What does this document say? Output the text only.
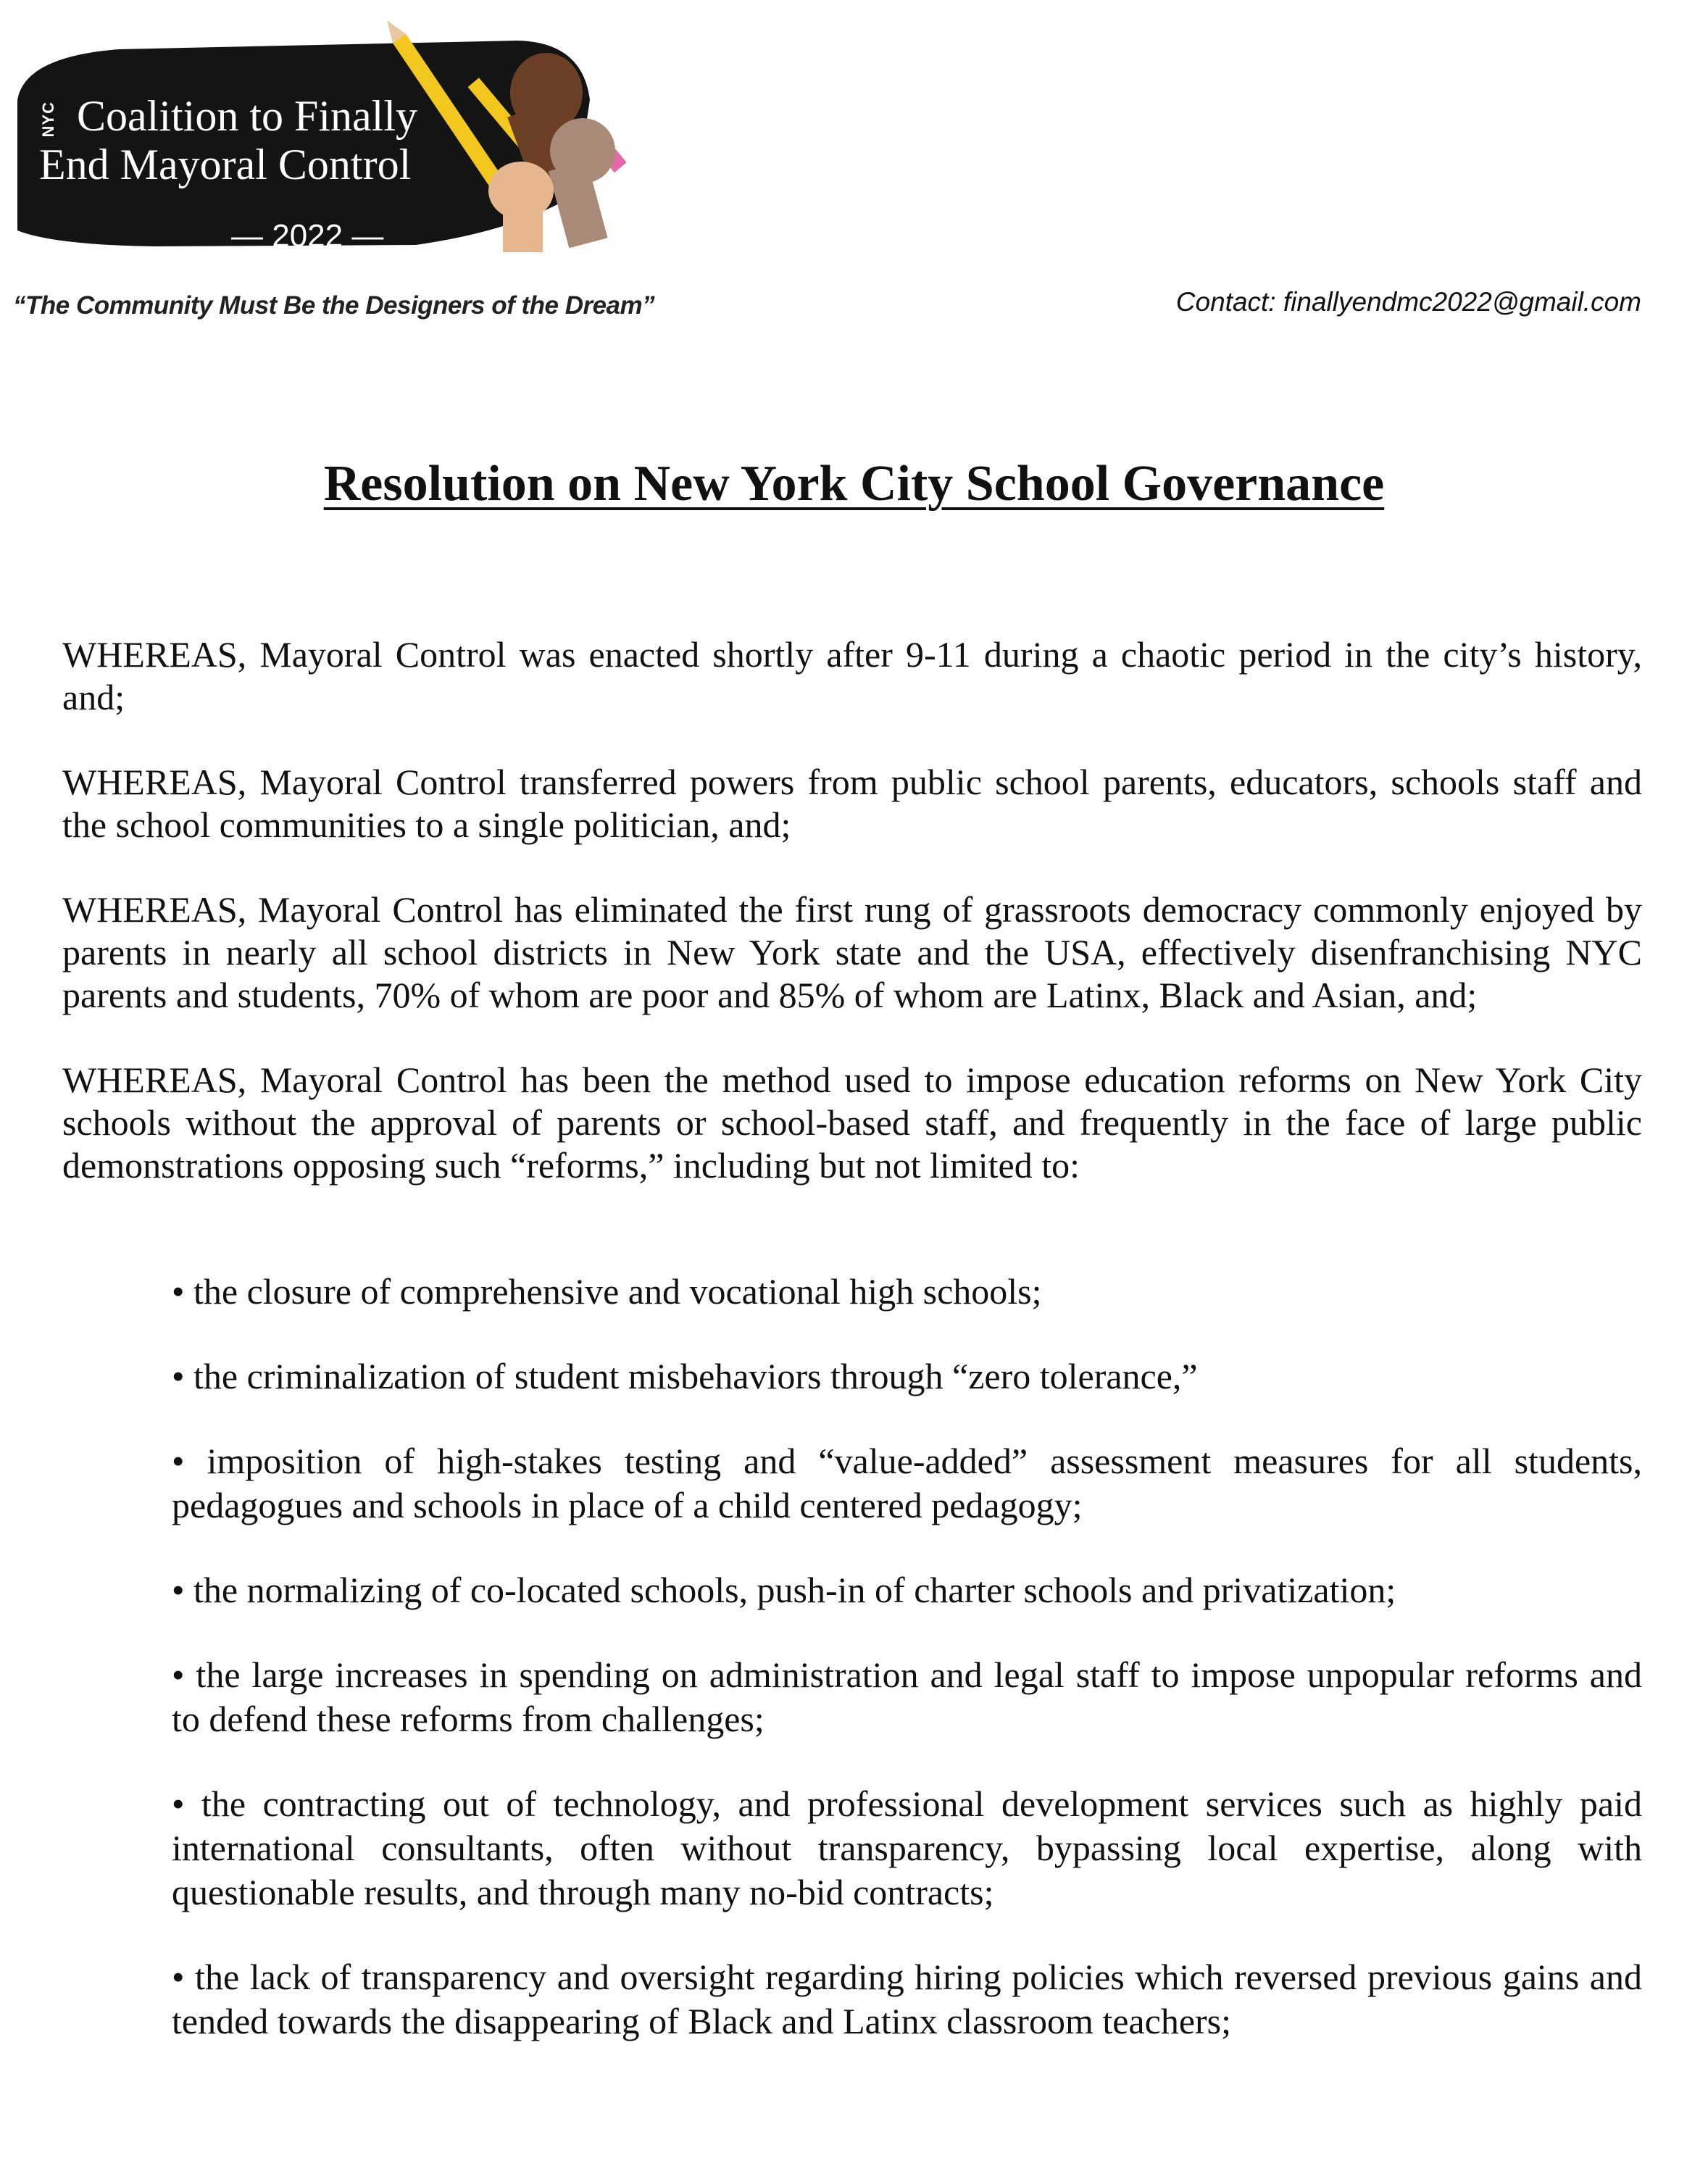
NYC Coalition to Finally
End Mayoral Control
— 2022 —
“The Community Must Be the Designers of the Dream”	Contact: finallyendmc2022@gmail.com
Resolution on New York City School Governance

WHEREAS, Mayoral Control was enacted shortly after 9-11 during a chaotic period in the city’s history, and;

WHEREAS, Mayoral Control transferred powers from public school parents, educators, schools staff and the school communities to a single politician, and;

WHEREAS, Mayoral Control has eliminated the first rung of grassroots democracy commonly enjoyed by parents in nearly all school districts in New York state and the USA, effectively disenfranchising NYC parents and students, 70% of whom are poor and 85% of whom are Latinx, Black and Asian, and;

WHEREAS, Mayoral Control has been the method used to impose education reforms on New York City schools without the approval of parents or school-based staff, and frequently in the face of large public demonstrations opposing such “reforms,” including but not limited to:

• the closure of comprehensive and vocational high schools;

• the criminalization of student misbehaviors through “zero tolerance,”

• imposition of high-stakes testing and “value-added” assessment measures for all students, pedagogues and schools in place of a child centered pedagogy;

• the normalizing of co-located schools, push-in of charter schools and privatization;

• the large increases in spending on administration and legal staff to impose unpopular reforms and to defend these reforms from challenges;

• the contracting out of technology, and professional development services such as highly paid international consultants, often without transparency, bypassing local expertise, along with questionable results, and through many no-bid contracts;

• the lack of transparency and oversight regarding hiring policies which reversed previous gains and tended towards the disappearing of Black and Latinx classroom teachers;
